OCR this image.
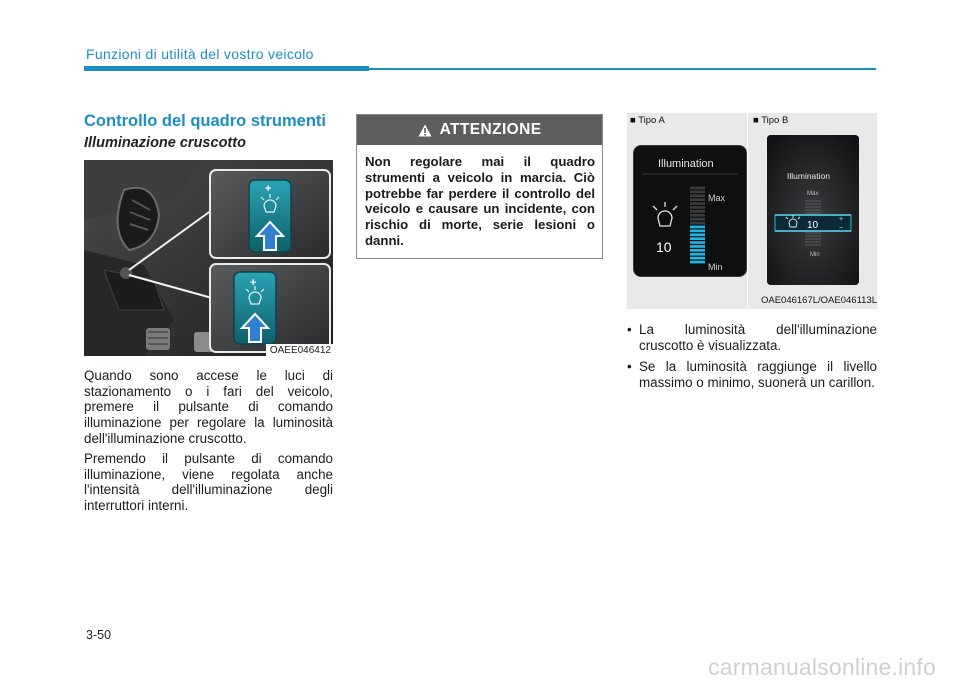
Funzioni di utilità del vostro veicolo
Controllo del quadro strumenti
Illuminazione cruscotto
+
+
OAEE046412
Quando sono accese le luci di stazionamento o i fari del veicolo, premere il pulsante di comando illuminazione per regolare la luminosità dell'illuminazione cruscotto.
Premendo il pulsante di comando illuminazione, viene regolata anche l'intensità dell'illuminazione degli interruttori interni.
ATTENZIONE
Non regolare mai il quadro strumenti a veicolo in marcia. Ciò potrebbe far perdere il controllo del veicolo e causare un incidente, con rischio di morte, serie lesioni o danni.
■ Tipo A	■ Tipo B
Illumination
10
Max
Min
Illumination
Max
10
+
−
Min
OAE046167L/OAE046113L
• La luminosità dell'illuminazione cruscotto è visualizzata.
• Se la luminosità raggiunge il livello massimo o minimo, suonerà un carillon.
3-50
carmanualsonline.info
